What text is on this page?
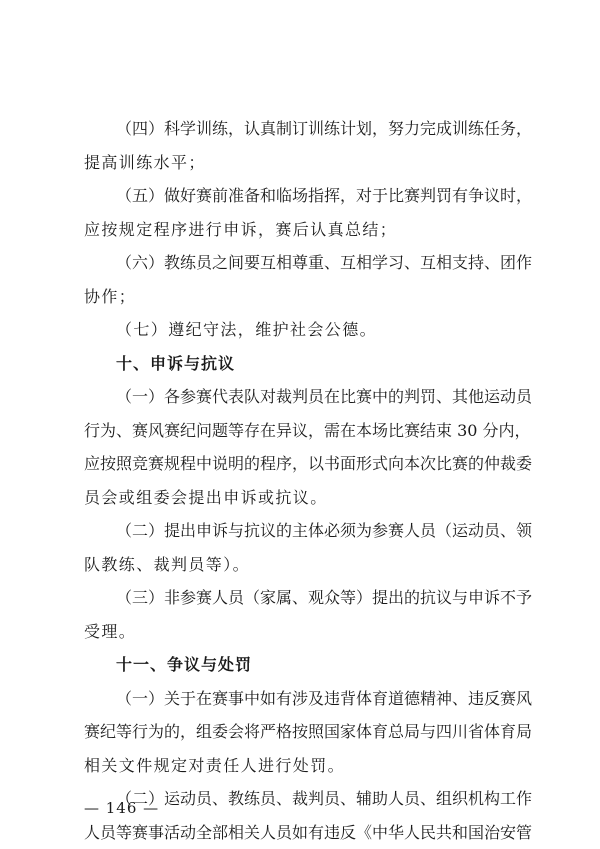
（四）科学训练，认真制订训练计划，努力完成训练任务，
提高训练水平；
（五）做好赛前准备和临场指挥，对于比赛判罚有争议时，
应按规定程序进行申诉，赛后认真总结；
（六）教练员之间要互相尊重、互相学习、互相支持、团作
协作；
（七）遵纪守法，维护社会公德。
十、申诉与抗议
（一）各参赛代表队对裁判员在比赛中的判罚、其他运动员
行为、赛风赛纪问题等存在异议，需在本场比赛结束 30 分内，
应按照竞赛规程中说明的程序，以书面形式向本次比赛的仲裁委
员会或组委会提出申诉或抗议。
（二）提出申诉与抗议的主体必须为参赛人员（运动员、领
队教练、裁判员等）。
（三）非参赛人员（家属、观众等）提出的抗议与申诉不予
受理。
十一、争议与处罚
（一）关于在赛事中如有涉及违背体育道德精神、违反赛风
赛纪等行为的，组委会将严格按照国家体育总局与四川省体育局
相关文件规定对责任人进行处罚。
（二）运动员、教练员、裁判员、辅助人员、组织机构工作
人员等赛事活动全部相关人员如有违反《中华人民共和国治安管
— 146 —
